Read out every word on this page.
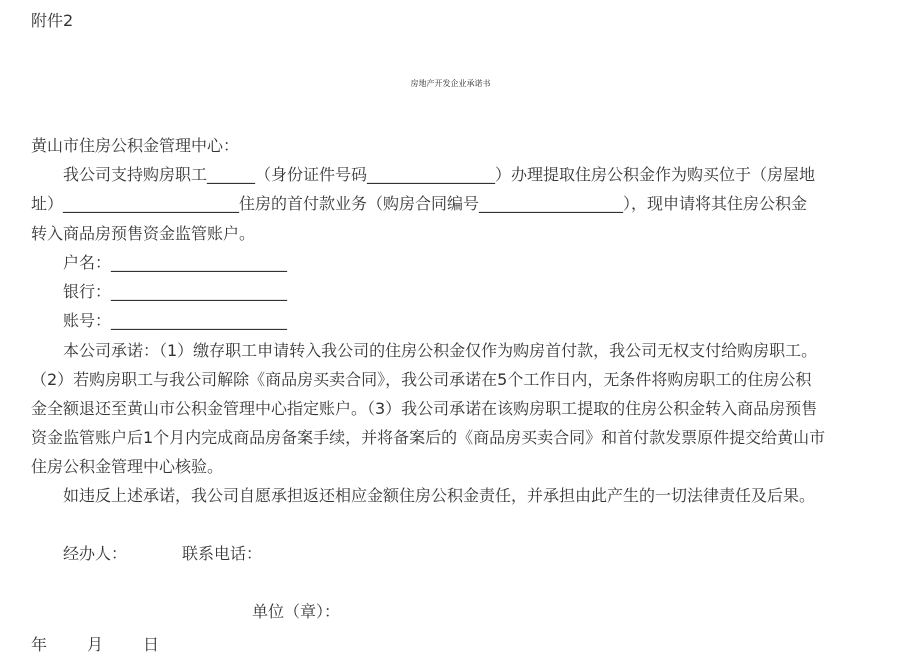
附件2
房地产开发企业承诺书
黄山市住房公积金管理中心：
我公司支持购房职工______（身份证件号码________________）办理提取住房公积金作为购买位于（房屋地
址）______________________住房的首付款业务（购房合同编号__________________），现申请将其住房公积金
转入商品房预售资金监管账户。
户名：______________________
银行：______________________
账号：______________________
本公司承诺：（1）缴存职工申请转入我公司的住房公积金仅作为购房首付款，我公司无权支付给购房职工。
（2）若购房职工与我公司解除《商品房买卖合同》，我公司承诺在5个工作日内，无条件将购房职工的住房公积
金全额退还至黄山市公积金管理中心指定账户。（3）我公司承诺在该购房职工提取的住房公积金转入商品房预售
资金监管账户后1个月内完成商品房备案手续，并将备案后的《商品房买卖合同》和首付款发票原件提交给黄山市
住房公积金管理中心核验。
如违反上述承诺，我公司自愿承担返还相应金额住房公积金责任，并承担由此产生的一切法律责任及后果。
经办人：	联系电话：
单位（章）：
年 月 日
